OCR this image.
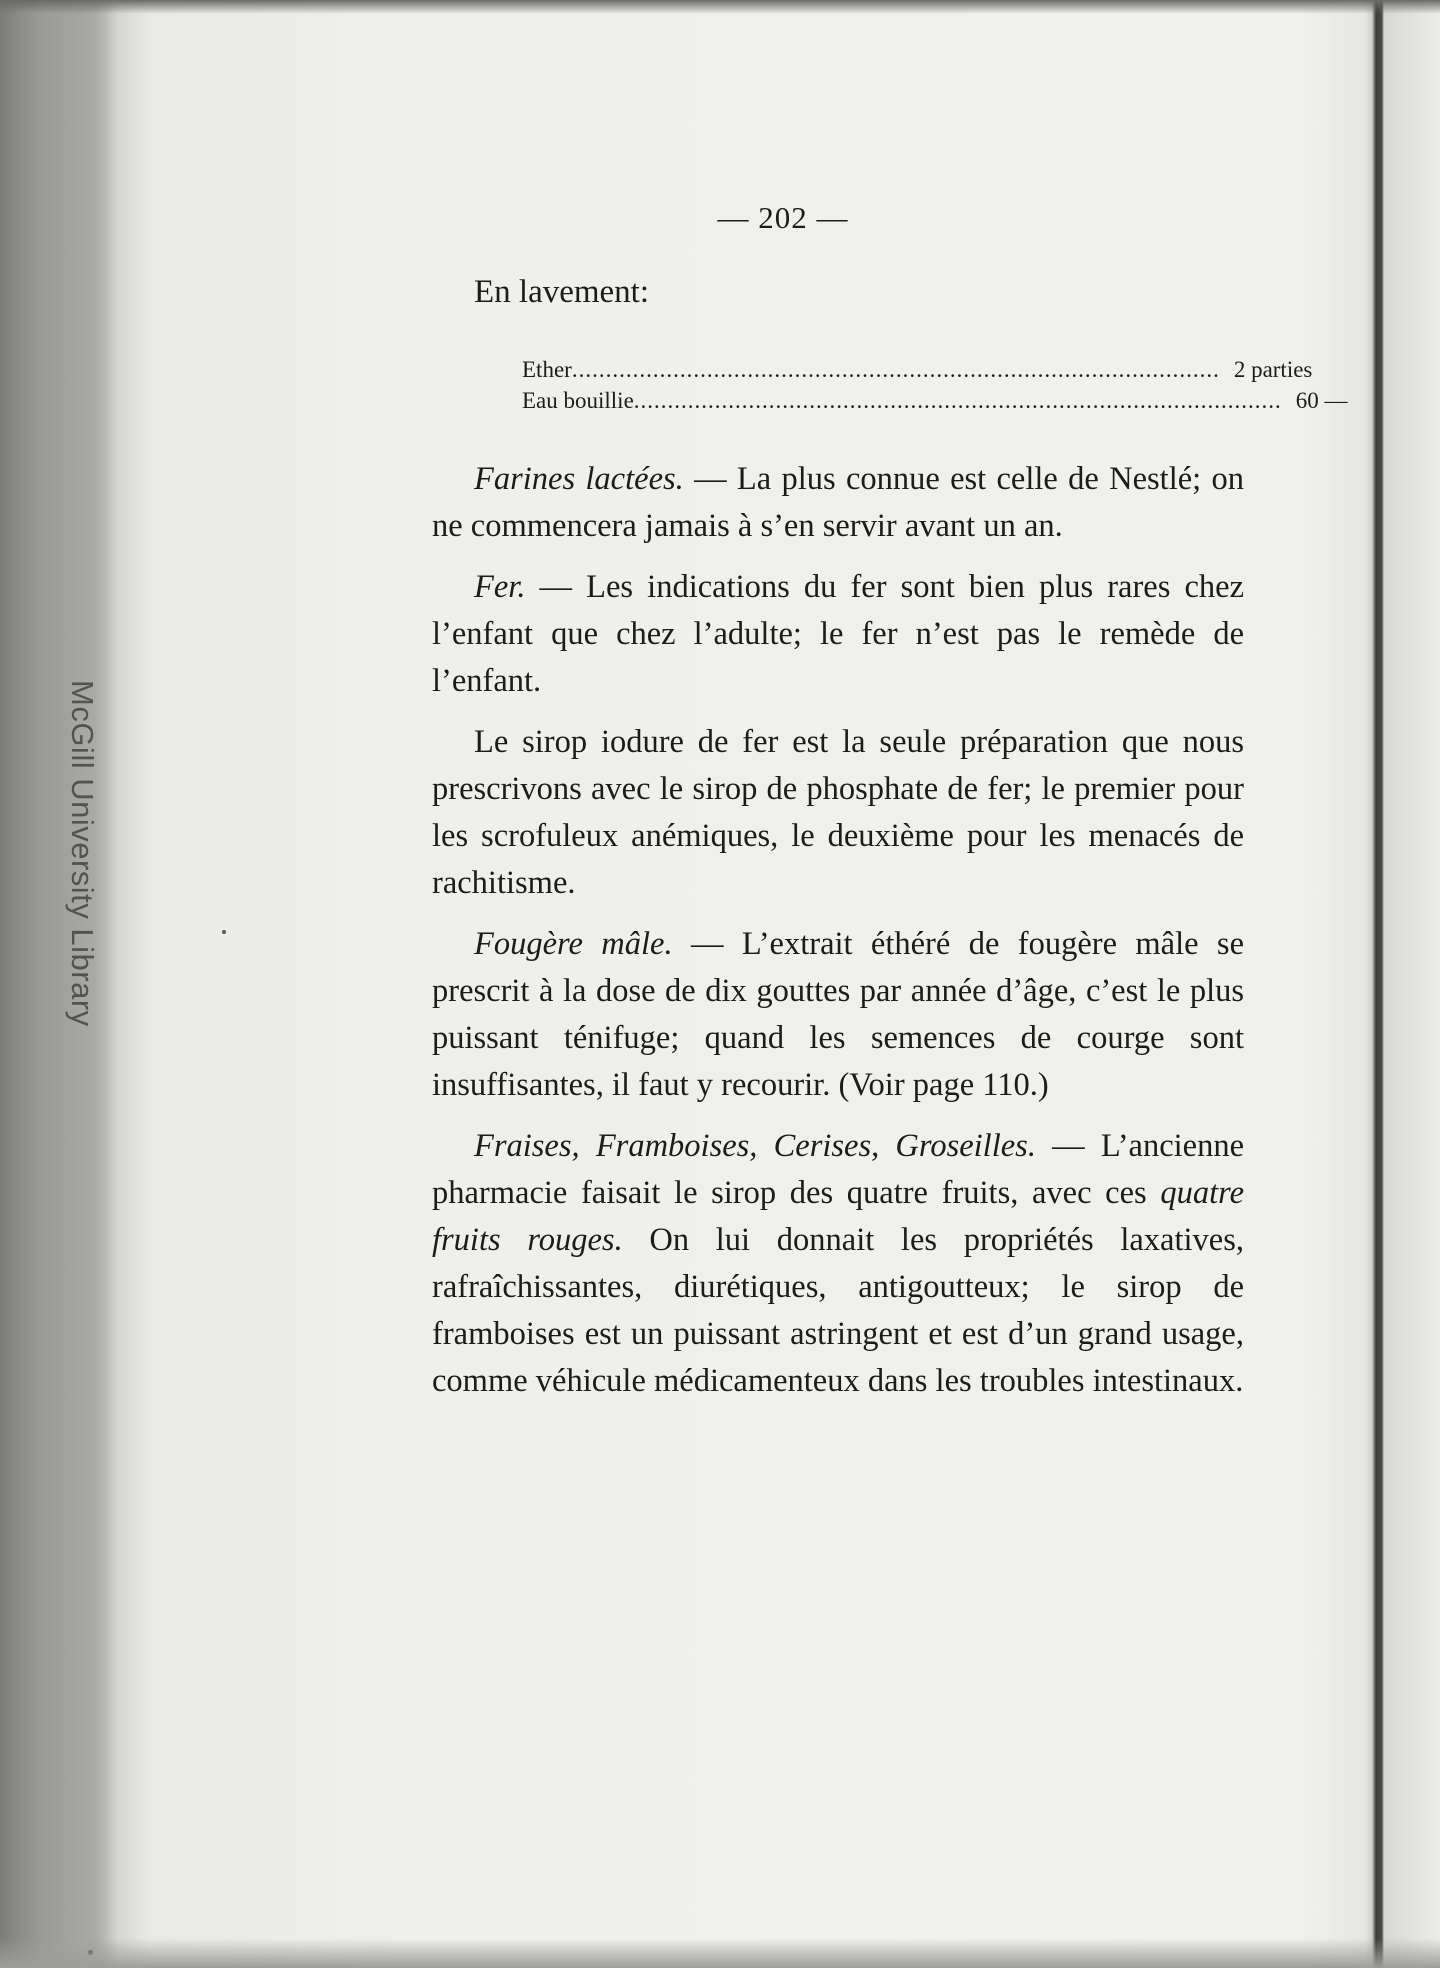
McGill University Library
— 202 —
En lavement:
Ether ................................................................................................ 2 parties
Eau bouillie ................................................................................................ 60 —

Farines lactées. — La plus connue est celle de Nestlé; on ne commencera jamais à s’en servir avant un an.

Fer. — Les indications du fer sont bien plus rares chez l’enfant que chez l’adulte; le fer n’est pas le remède de l’enfant.

Le sirop iodure de fer est la seule préparation que nous prescrivons avec le sirop de phosphate de fer; le premier pour les scrofuleux anémiques, le deuxième pour les menacés de rachitisme.

Fougère mâle. — L’extrait éthéré de fougère mâle se prescrit à la dose de dix gouttes par année d’âge, c’est le plus puissant ténifuge; quand les semences de courge sont insuffisantes, il faut y recourir. (Voir page 110.)

Fraises, Framboises, Cerises, Groseilles. — L’ancienne pharmacie faisait le sirop des quatre fruits, avec ces quatre fruits rouges. On lui donnait les propriétés laxatives, rafraîchissantes, diurétiques, antigoutteux; le sirop de framboises est un puissant astringent et est d’un grand usage, comme véhicule médicamenteux dans les troubles intestinaux.
